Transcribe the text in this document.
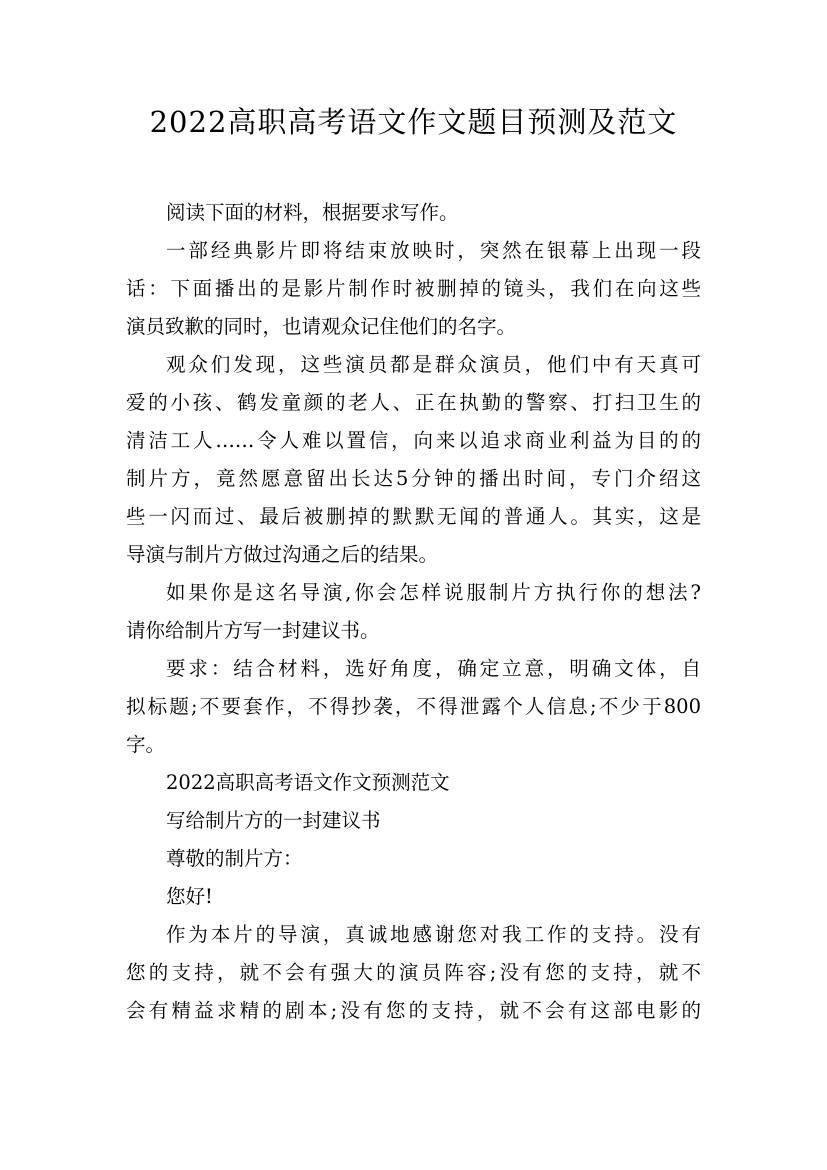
2022高职高考语文作文题目预测及范文
阅读下面的材料，根据要求写作。
一部经典影片即将结束放映时，突然在银幕上出现一段
话：下面播出的是影片制作时被删掉的镜头，我们在向这些
演员致歉的同时，也请观众记住他们的名字。
观众们发现，这些演员都是群众演员，他们中有天真可
爱的小孩、鹤发童颜的老人、正在执勤的警察、打扫卫生的
清洁工人……令人难以置信，向来以追求商业利益为目的的
制片方，竟然愿意留出长达5分钟的播出时间，专门介绍这
些一闪而过、最后被删掉的默默无闻的普通人。其实，这是
导演与制片方做过沟通之后的结果。
如果你是这名导演,你会怎样说服制片方执行你的想法?
请你给制片方写一封建议书。
要求：结合材料，选好角度，确定立意，明确文体，自
拟标题;不要套作，不得抄袭，不得泄露个人信息;不少于800
字。
2022高职高考语文作文预测范文
写给制片方的一封建议书
尊敬的制片方：
您好!
作为本片的导演，真诚地感谢您对我工作的支持。没有
您的支持，就不会有强大的演员阵容;没有您的支持，就不
会有精益求精的剧本;没有您的支持，就不会有这部电影的
